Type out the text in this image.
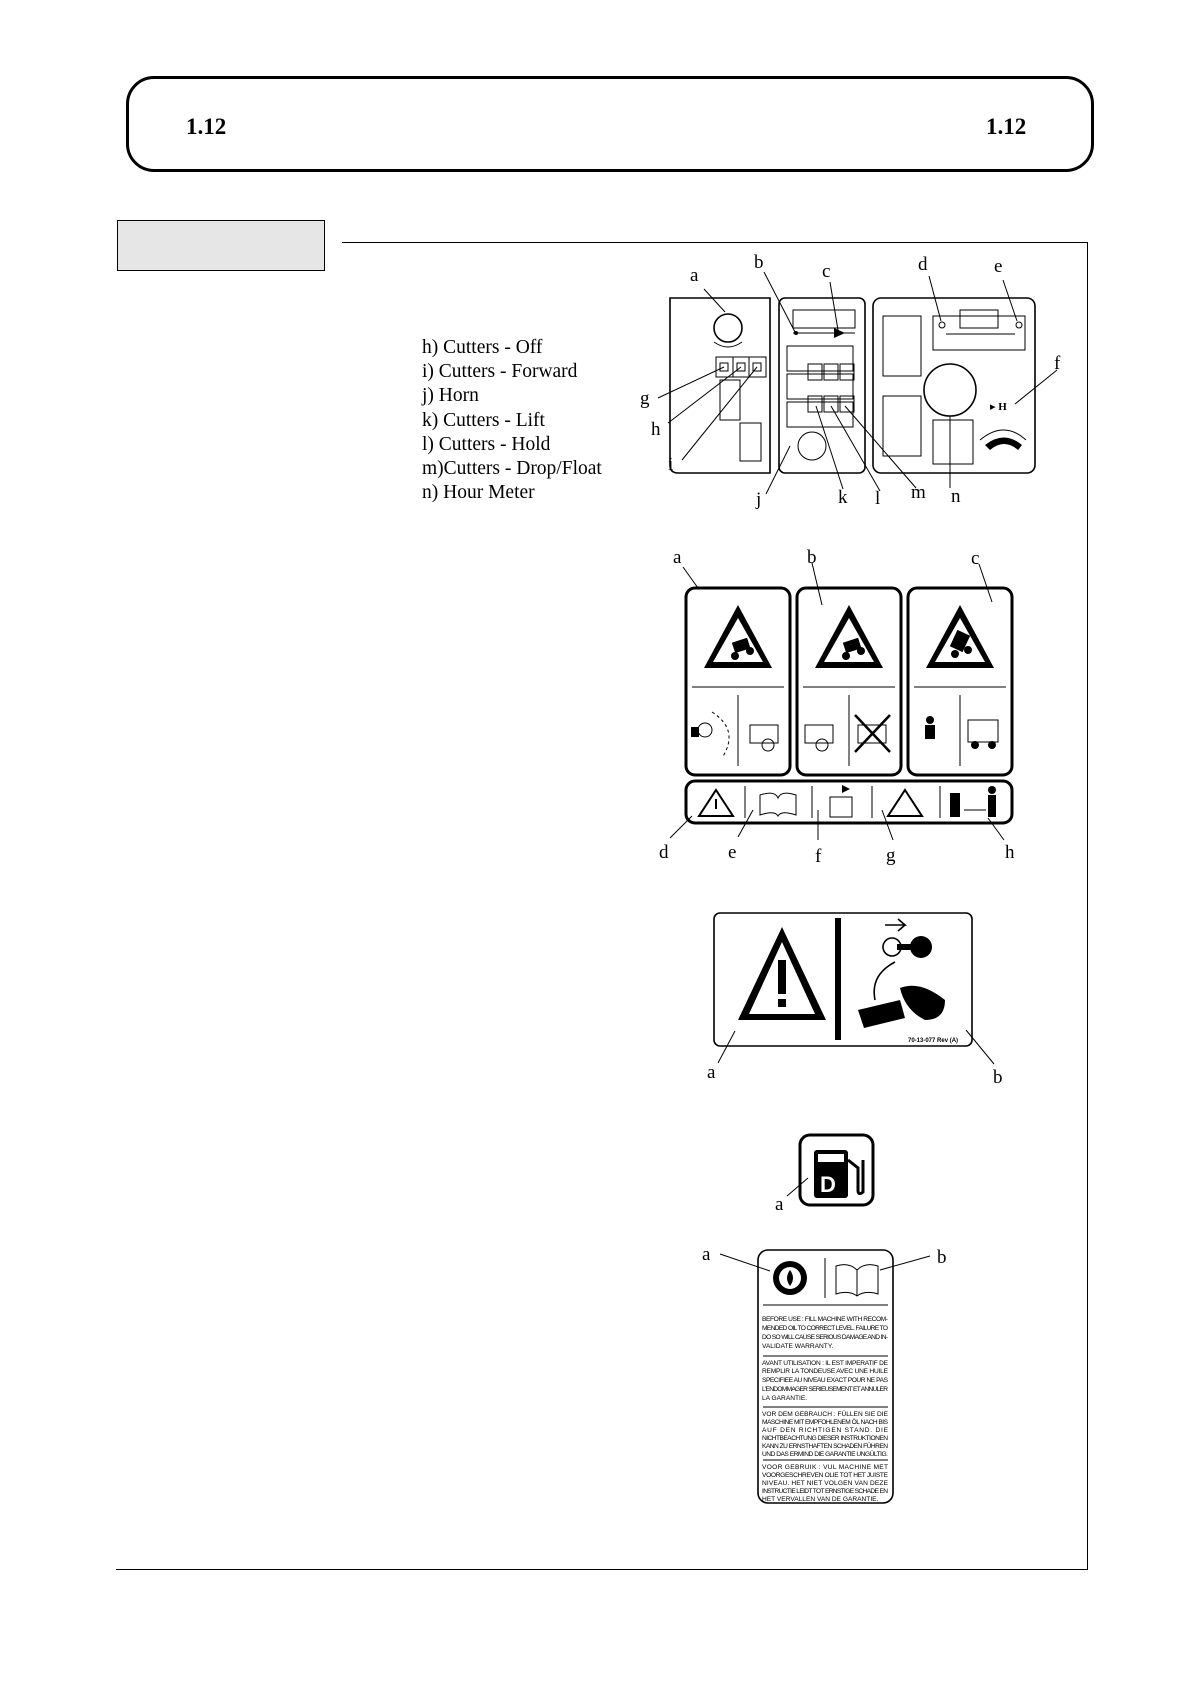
1.12	1.12
h) Cutters - Off
i) Cutters - Forward
j) Horn
k) Cutters - Lift
l) Cutters - Hold
m)Cutters - Drop/Float
n) Hour Meter
▸ H
a
b	c	d	e
f
g
h
i
j	k l m n
a	b	c
d	e	f	g	h
70-13-077 Rev (A)
a	b
D
a
BEFORE USE : FILL MACHINE WITH RECOM-
MENDED OIL TO CORRECT LEVEL. FAILURE TO
DO SO WILL CAUSE SERIOUS DAMAGE AND IN-
VALIDATE WARRANTY.
AVANT UTILISATION : IL EST IMPERATIF DE
REMPLIR LA TONDEUSE AVEC UNE HUILE
SPECIFIEE AU NIVEAU EXACT POUR NE PAS
L'ENDOMMAGER SERIEUSEMENT ET ANNULER
LA GARANTIE.
VOR DEM GEBRAUCH : FÜLLEN SIE DIE
MASCHINE MIT EMPFOHLENEM ÖL NACH BIS
AUF DEN RICHTIGEN STAND. DIE
NICHTBEACHTUNG DIESER INSTRUKTIONEN
KANN ZU ERNSTHAFTEN SCHADEN FÜHREN
UND DAS ERMIND DIE GARANTIE UNGÜLTIG.
VOOR GEBRUIK : VUL MACHINE MET
VOORGESCHREVEN OLIE TOT HET JUISTE
NIVEAU. HET NIET VOLGEN VAN DEZE
INSTRUCTIE LEIDT TOT ERNSTIGE SCHADE EN
HET VERVALLEN VAN DE GARANTIE.
a	b
